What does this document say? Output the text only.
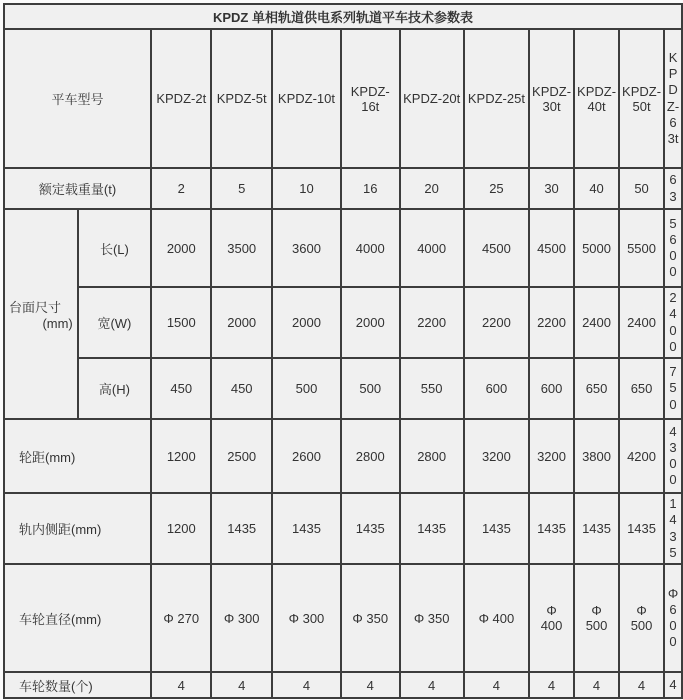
KPDZ 单相轨道供电系列轨道平车技术参数表											
平车型号		KPDZ-2t	KPDZ-5t	KPDZ-10t	KPDZ-16t	KPDZ-20t	KPDZ-25t	KPDZ-30t	KPDZ-40t	KPDZ-50t	KPDZ-63t
额定载重量(t)		2	5	10	16	20	25	30	40	50	63

台面尺寸
(mm)	长(L)	2000	3500	3600	4000	4000	4500	4500	5000	5500	5600
	宽(W)	1500	2000	2000	2000	2200	2200	2200	2400	2400	2400
	高(H)	450	450	500	500	550	600	600	650	650	750
轮距(mm)		1200	2500	2600	2800	2800	3200	3200	3800	4200	4300
轨内侧距(mm)		1200	1435	1435	1435	1435	1435	1435	1435	1435	1435
车轮直径(mm)		Φ 270	Φ 300	Φ 300	Φ 350	Φ 350	Φ 400	Φ 400	Φ 500	Φ 500	Φ 600
车轮数量(个)		4	4	4	4	4	4	4	4	4	4
